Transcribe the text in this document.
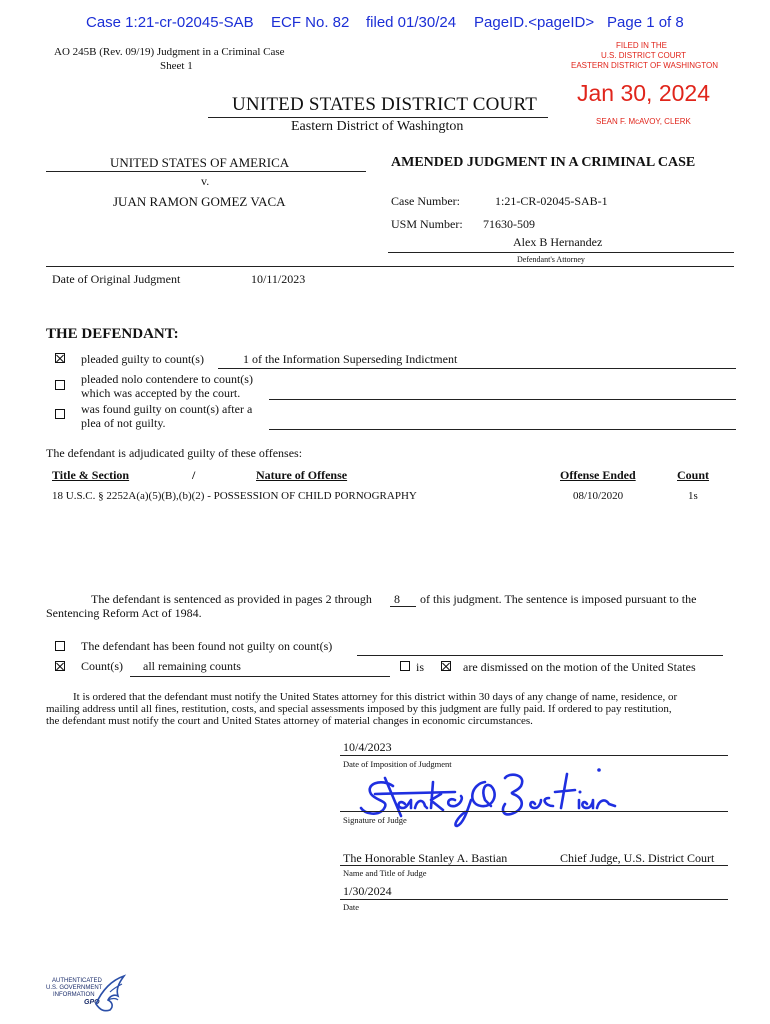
Case 1:21-cr-02045-SAB ECF No. 82 filed 01/30/24 PageID.<pageID> Page 1 of 8
AO 245B (Rev. 09/19) Judgment in a Criminal Case
Sheet 1
FILED IN THE
U.S. DISTRICT COURT
EASTERN DISTRICT OF WASHINGTON
Jan 30, 2024
SEAN F. McAVOY, CLERK
UNITED STATES DISTRICT COURT
Eastern District of Washington
UNITED STATES OF AMERICA
v.
JUAN RAMON GOMEZ VACA
AMENDED JUDGMENT IN A CRIMINAL CASE
Case Number:	1:21-CR-02045-SAB-1
USM Number: 71630-509
Alex B Hernandez
Defendant's Attorney
Date of Original Judgment	10/11/2023
THE DEFENDANT:
pleaded guilty to count(s)	1 of the Information Superseding Indictment
pleaded nolo contendere to count(s)
which was accepted by the court.
was found guilty on count(s) after a
plea of not guilty.
The defendant is adjudicated guilty of these offenses:
Title & Section	/	Nature of Offense	Offense Ended	Count
18 U.S.C. § 2252A(a)(5)(B),(b)(2) - POSSESSION OF CHILD PORNOGRAPHY	08/10/2020	1s
The defendant is sentenced as provided in pages 2 through 8 of this judgment. The sentence is imposed pursuant to the
Sentencing Reform Act of 1984.
The defendant has been found not guilty on count(s)
Count(s) all remaining counts	is	are dismissed on the motion of the United States
It is ordered that the defendant must notify the United States attorney for this district within 30 days of any change of name, residence, or
mailing address until all fines, restitution, costs, and special assessments imposed by this judgment are fully paid. If ordered to pay restitution,
the defendant must notify the court and United States attorney of material changes in economic circumstances.
10/4/2023
Date of Imposition of Judgment
Signature of Judge
The Honorable Stanley A. Bastian	Chief Judge, U.S. District Court
Name and Title of Judge
1/30/2024
Date
AUTHENTICATED
U.S. GOVERNMENT
INFORMATION
GPO
